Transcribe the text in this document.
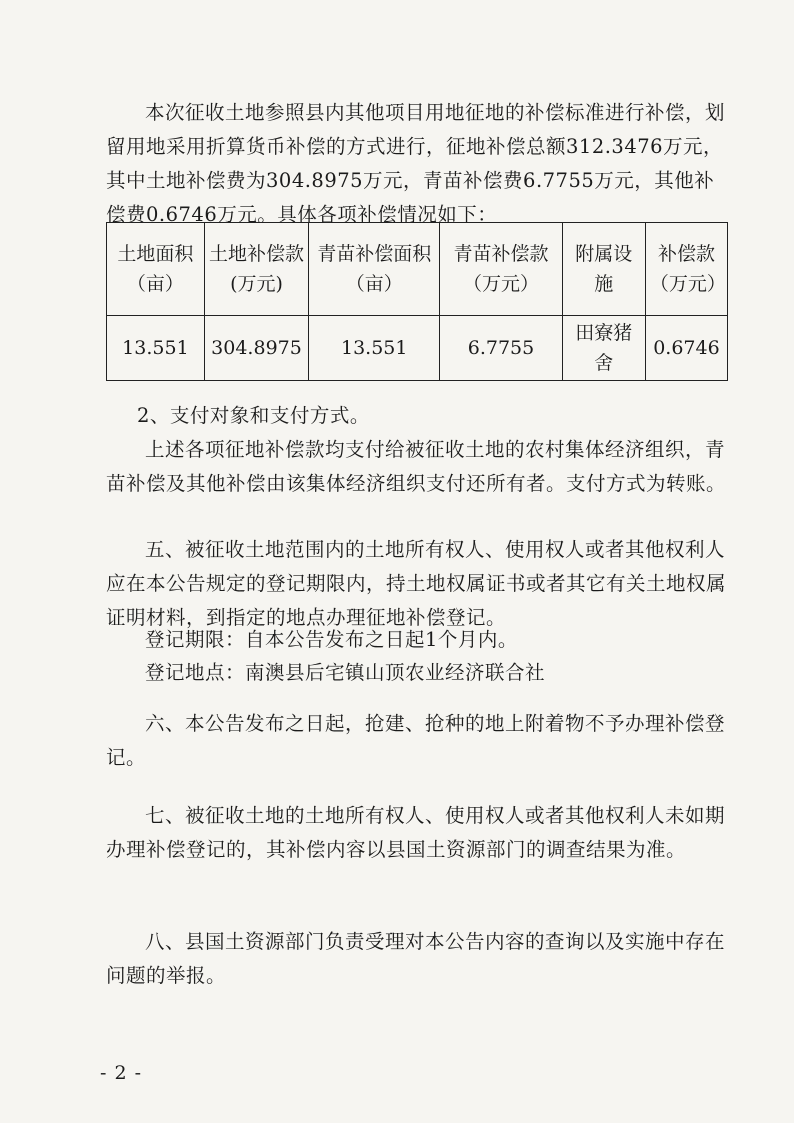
本次征收土地参照县内其他项目用地征地的补偿标准进行补偿，划留用地采用折算货币补偿的方式进行，征地补偿总额312.3476万元，其中土地补偿费为304.8975万元，青苗补偿费6.7755万元，其他补偿费0.6746万元。具体各项补偿情况如下：

土地面积（亩）	土地补偿款(万元)	青苗补偿面积（亩）	青苗补偿款（万元）	附属设施	补偿款（万元）
13.551	304.8975	13.551	6.7755	田寮猪舍	0.6746
2、支付对象和支付方式。

上述各项征地补偿款均支付给被征收土地的农村集体经济组织，青苗补偿及其他补偿由该集体经济组织支付还所有者。支付方式为转账。

五、被征收土地范围内的土地所有权人、使用权人或者其他权利人应在本公告规定的登记期限内，持土地权属证书或者其它有关土地权属证明材料，到指定的地点办理征地补偿登记。

登记期限：自本公告发布之日起1个月内。
登记地点：南澳县后宅镇山顶农业经济联合社

六、本公告发布之日起，抢建、抢种的地上附着物不予办理补偿登记。

七、被征收土地的土地所有权人、使用权人或者其他权利人未如期办理补偿登记的，其补偿内容以县国土资源部门的调查结果为准。

八、县国土资源部门负责受理对本公告内容的查询以及实施中存在问题的举报。

- 2 -
